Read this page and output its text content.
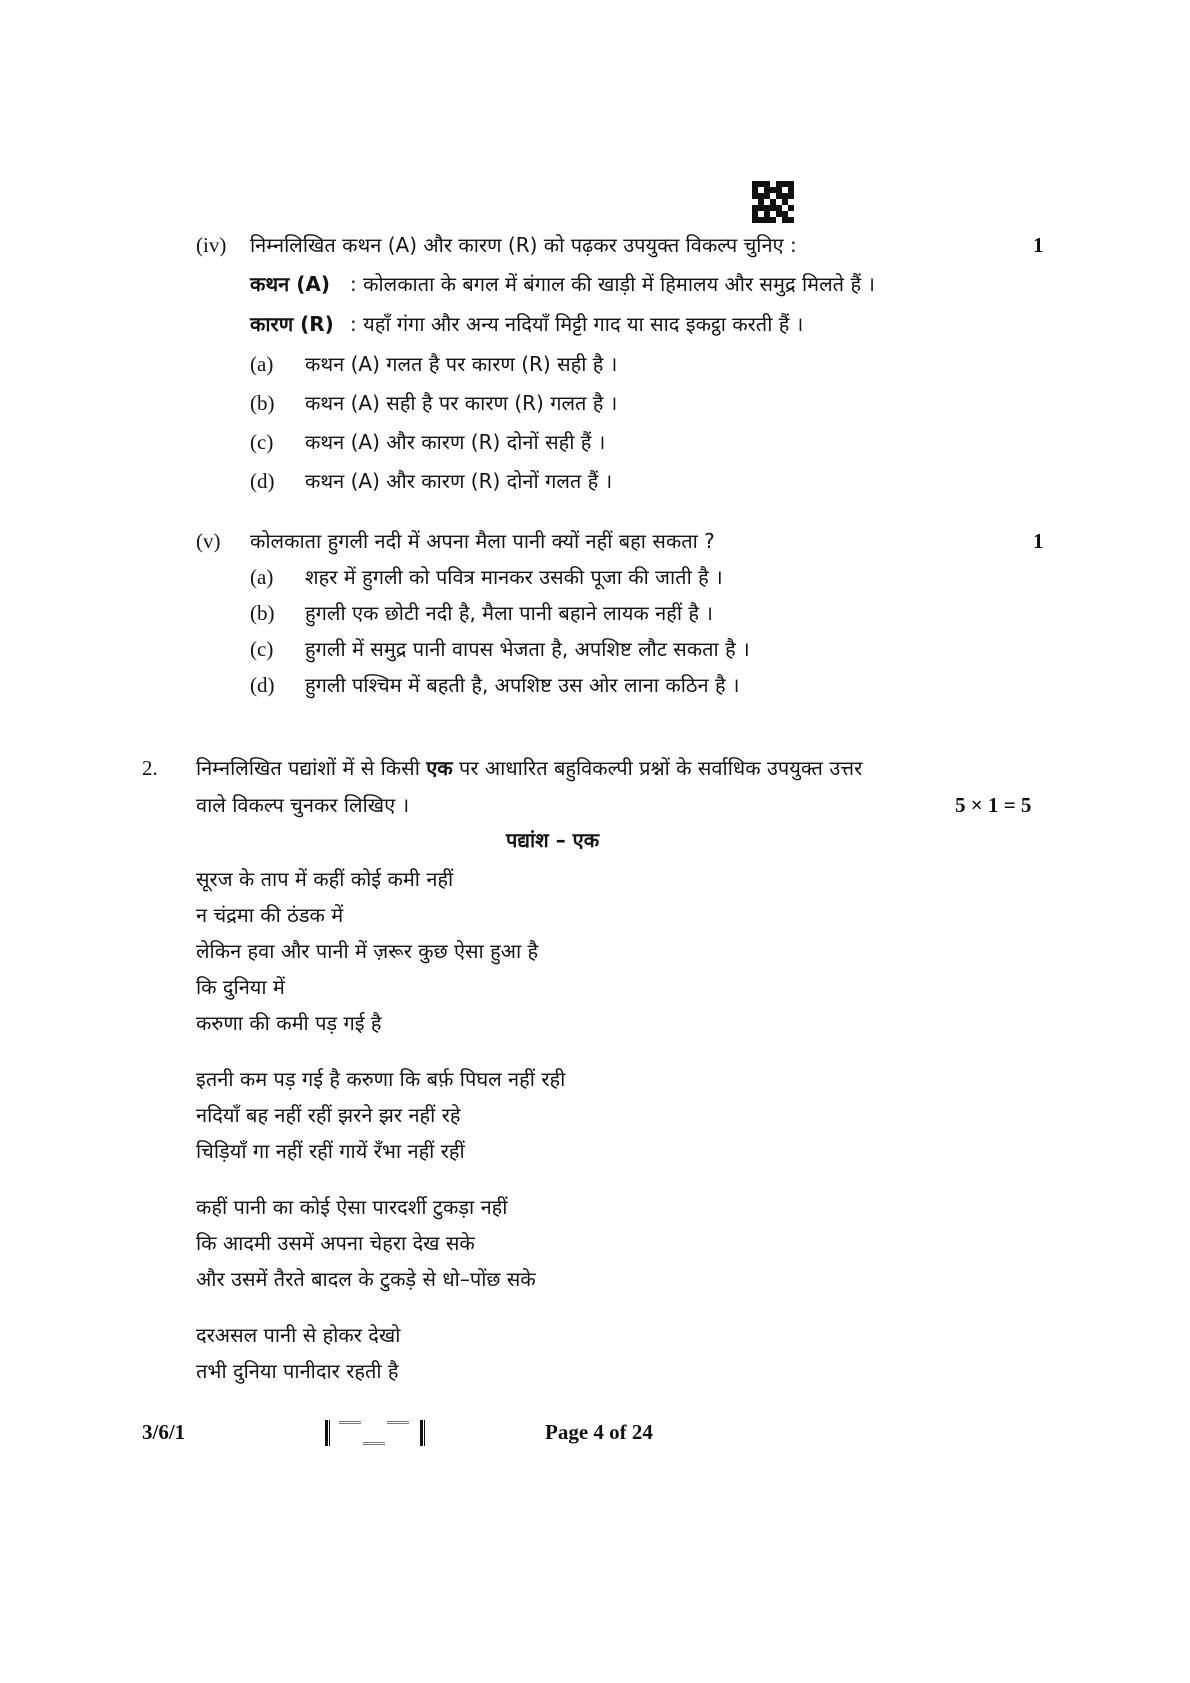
(iv) निम्नलिखित कथन (A) और कारण (R) को पढ़कर उपयुक्त विकल्प चुनिए :	1
कथन (A) : कोलकाता के बगल में बंगाल की खाड़ी में हिमालय और समुद्र मिलते हैं ।
कारण (R) : यहाँ गंगा और अन्य नदियाँ मिट्टी गाद या साद इकट्ठा करती हैं ।
(a) कथन (A) गलत है पर कारण (R) सही है ।
(b) कथन (A) सही है पर कारण (R) गलत है ।
(c) कथन (A) और कारण (R) दोनों सही हैं ।
(d) कथन (A) और कारण (R) दोनों गलत हैं ।
(v) कोलकाता हुगली नदी में अपना मैला पानी क्यों नहीं बहा सकता ?	1
(a) शहर में हुगली को पवित्र मानकर उसकी पूजा की जाती है ।
(b) हुगली एक छोटी नदी है, मैला पानी बहाने लायक नहीं है ।
(c) हुगली में समुद्र पानी वापस भेजता है, अपशिष्ट लौट सकता है ।
(d) हुगली पश्चिम में बहती है, अपशिष्ट उस ओर लाना कठिन है ।
2. निम्नलिखित पद्यांशों में से किसी एक पर आधारित बहुविकल्पी प्रश्नों के सर्वाधिक उपयुक्त उत्तर
वाले विकल्प चुनकर लिखिए ।	5 × 1 = 5
पद्यांश – एक
सूरज के ताप में कहीं कोई कमी नहीं
न चंद्रमा की ठंडक में
लेकिन हवा और पानी में ज़रूर कुछ ऐसा हुआ है
कि दुनिया में
करुणा की कमी पड़ गई है
इतनी कम पड़ गई है करुणा कि बर्फ़ पिघल नहीं रही
नदियाँ बह नहीं रहीं झरने झर नहीं रहे
चिड़ियाँ गा नहीं रहीं गायें रँभा नहीं रहीं
कहीं पानी का कोई ऐसा पारदर्शी टुकड़ा नहीं
कि आदमी उसमें अपना चेहरा देख सके
और उसमें तैरते बादल के टुकड़े से धो–पोंछ सके
दरअसल पानी से होकर देखो
तभी दुनिया पानीदार रहती है
3/6/1	Page 4 of 24
